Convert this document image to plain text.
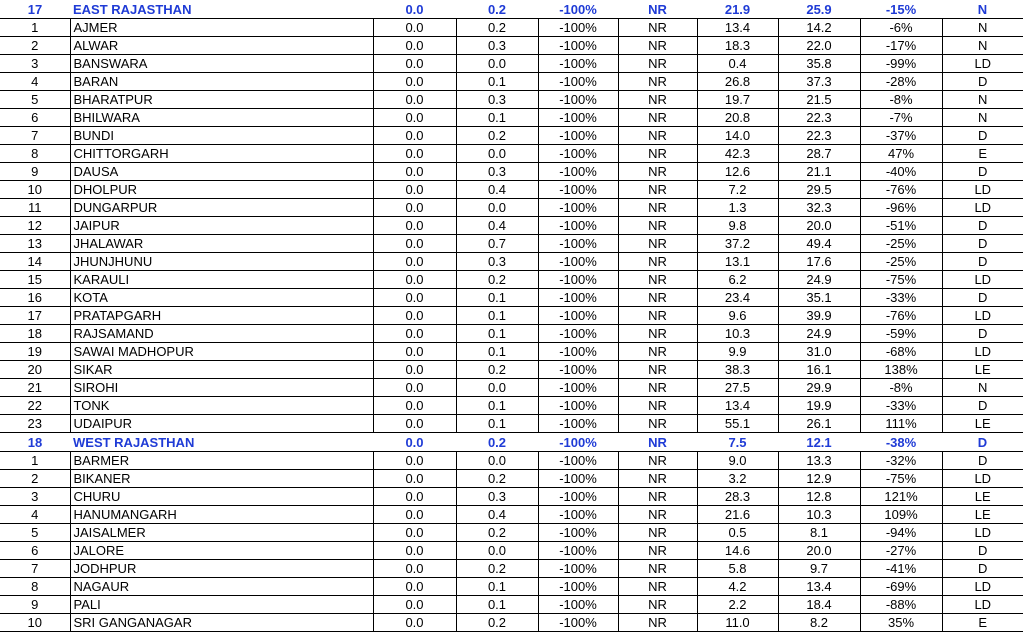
17	EAST RAJASTHAN	0.0	0.2	-100%	NR	21.9	25.9	-15%	N
1	AJMER	0.0	0.2	-100%	NR	13.4	14.2	-6%	N
2	ALWAR	0.0	0.3	-100%	NR	18.3	22.0	-17%	N
3	BANSWARA	0.0	0.0	-100%	NR	0.4	35.8	-99%	LD
4	BARAN	0.0	0.1	-100%	NR	26.8	37.3	-28%	D
5	BHARATPUR	0.0	0.3	-100%	NR	19.7	21.5	-8%	N
6	BHILWARA	0.0	0.1	-100%	NR	20.8	22.3	-7%	N
7	BUNDI	0.0	0.2	-100%	NR	14.0	22.3	-37%	D
8	CHITTORGARH	0.0	0.0	-100%	NR	42.3	28.7	47%	E
9	DAUSA	0.0	0.3	-100%	NR	12.6	21.1	-40%	D
10	DHOLPUR	0.0	0.4	-100%	NR	7.2	29.5	-76%	LD
11	DUNGARPUR	0.0	0.0	-100%	NR	1.3	32.3	-96%	LD
12	JAIPUR	0.0	0.4	-100%	NR	9.8	20.0	-51%	D
13	JHALAWAR	0.0	0.7	-100%	NR	37.2	49.4	-25%	D
14	JHUNJHUNU	0.0	0.3	-100%	NR	13.1	17.6	-25%	D
15	KARAULI	0.0	0.2	-100%	NR	6.2	24.9	-75%	LD
16	KOTA	0.0	0.1	-100%	NR	23.4	35.1	-33%	D
17	PRATAPGARH	0.0	0.1	-100%	NR	9.6	39.9	-76%	LD
18	RAJSAMAND	0.0	0.1	-100%	NR	10.3	24.9	-59%	D
19	SAWAI MADHOPUR	0.0	0.1	-100%	NR	9.9	31.0	-68%	LD
20	SIKAR	0.0	0.2	-100%	NR	38.3	16.1	138%	LE
21	SIROHI	0.0	0.0	-100%	NR	27.5	29.9	-8%	N
22	TONK	0.0	0.1	-100%	NR	13.4	19.9	-33%	D
23	UDAIPUR	0.0	0.1	-100%	NR	55.1	26.1	111%	LE
18	WEST RAJASTHAN	0.0	0.2	-100%	NR	7.5	12.1	-38%	D
1	BARMER	0.0	0.0	-100%	NR	9.0	13.3	-32%	D
2	BIKANER	0.0	0.2	-100%	NR	3.2	12.9	-75%	LD
3	CHURU	0.0	0.3	-100%	NR	28.3	12.8	121%	LE
4	HANUMANGARH	0.0	0.4	-100%	NR	21.6	10.3	109%	LE
5	JAISALMER	0.0	0.2	-100%	NR	0.5	8.1	-94%	LD
6	JALORE	0.0	0.0	-100%	NR	14.6	20.0	-27%	D
7	JODHPUR	0.0	0.2	-100%	NR	5.8	9.7	-41%	D
8	NAGAUR	0.0	0.1	-100%	NR	4.2	13.4	-69%	LD
9	PALI	0.0	0.1	-100%	NR	2.2	18.4	-88%	LD
10	SRI GANGANAGAR	0.0	0.2	-100%	NR	11.0	8.2	35%	E
